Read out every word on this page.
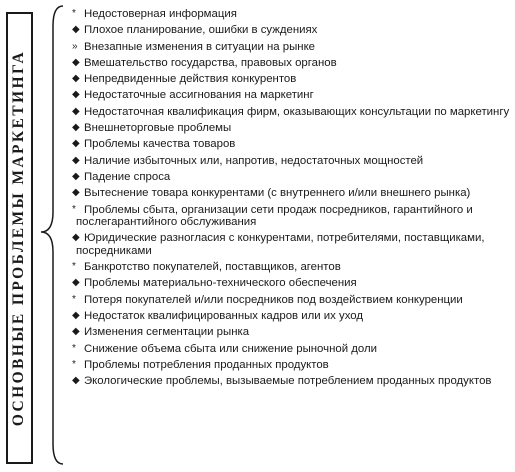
ОСНОВНЫЕ ПРОБЛЕМЫ МАРКЕТИНГА
* Недостоверная информация
◆ Плохое планирование, ошибки в суждениях
» Внезапные изменения в ситуации на рынке
◆ Вмешательство государства, правовых органов
◆ Непредвиденные действия конкурентов
◆ Недостаточные ассигнования на маркетинг
◆ Недостаточная квалификация фирм, оказывающих консультации по маркетингу
◆ Внешнеторговые проблемы
◆ Проблемы качества товаров
◆ Наличие избыточных или, напротив, недостаточных мощностей
◆ Падение спроса
◆ Вытеснение товара конкурентами (с внутреннего и/или внешнего рынка)
* Проблемы сбыта, организации сети продаж посредников, гарантийного и послегарантийного обслуживания
◆ Юридические разногласия с конкурентами, потребителями, поставщиками, посредниками
* Банкротство покупателей, поставщиков, агентов
◆ Проблемы материально-технического обеспечения
* Потеря покупателей и/или посредников под воздействием конкуренции
◆ Недостаток квалифицированных кадров или их уход
◆ Изменения сегментации рынка
* Снижение объема сбыта или снижение рыночной доли
* Проблемы потребления проданных продуктов
◆ Экологические проблемы, вызываемые потреблением проданных продуктов
